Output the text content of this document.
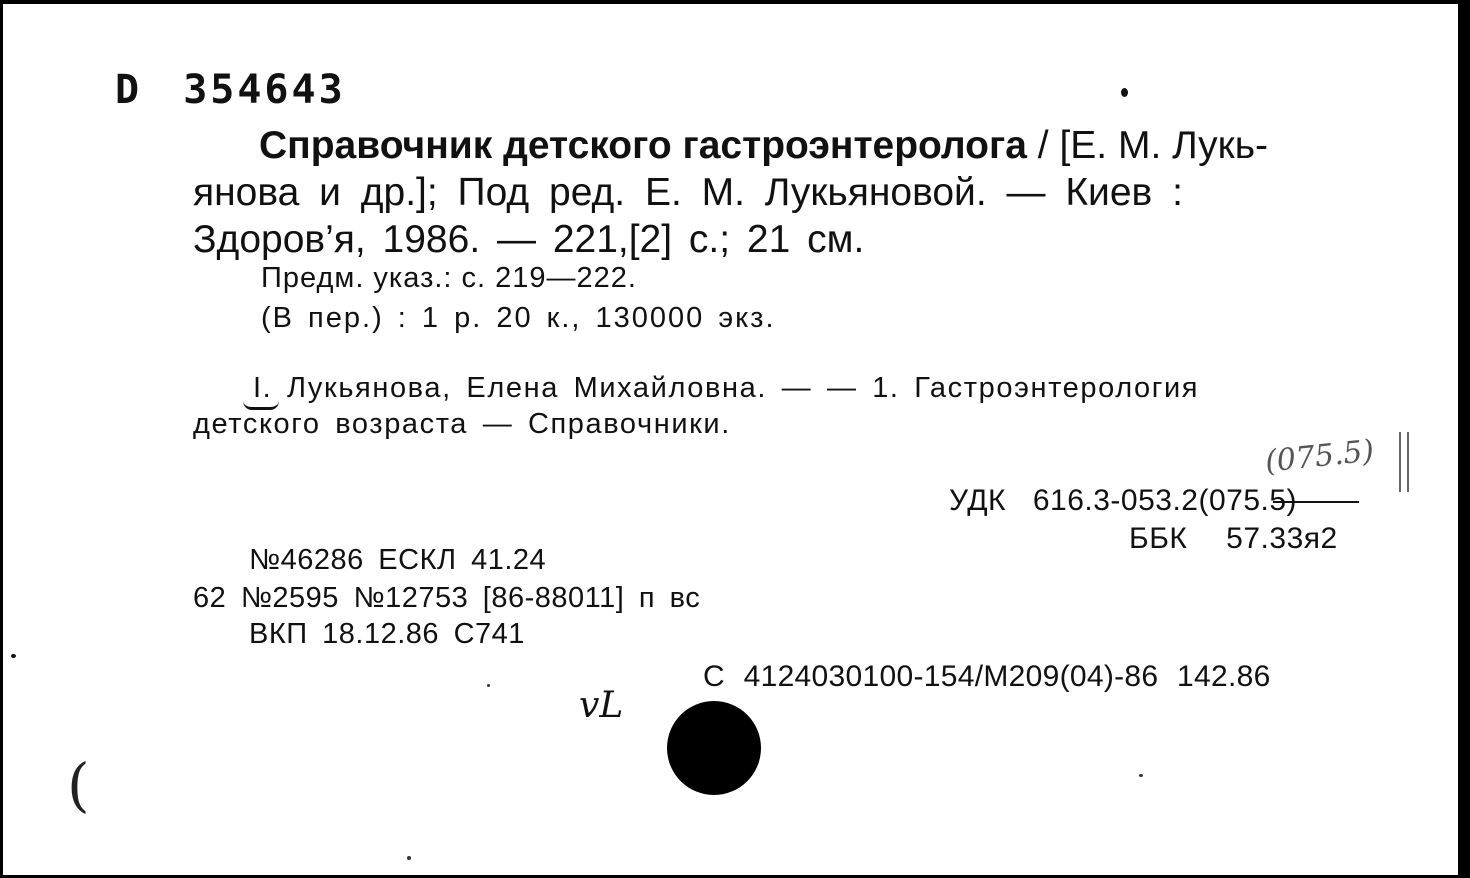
D 354643
Справочник детского гастроэнтеролога / [Е. М. Лукь-
янова и др.]; Под ред. Е. М. Лукьяновой. — Киев :
Здоров’я, 1986. — 221,[2] с.; 21 см.
Предм. указ.: с. 219—222.
(В пер.) : 1 р. 20 к., 130000 экз.
I. Лукьянова, Елена Михайловна. — — 1. Гастроэнтерология
детского возраста — Справочники.
(075.5)
УДК 616.3-053.2(075.5)
ББК 57.33я2
№46286 ЕСКЛ 41.24
62 №2595 №12753 [86-88011] п вс
ВКП 18.12.86 С741
С 4124030100-154/М209(04)-86 142.86
vL
(
